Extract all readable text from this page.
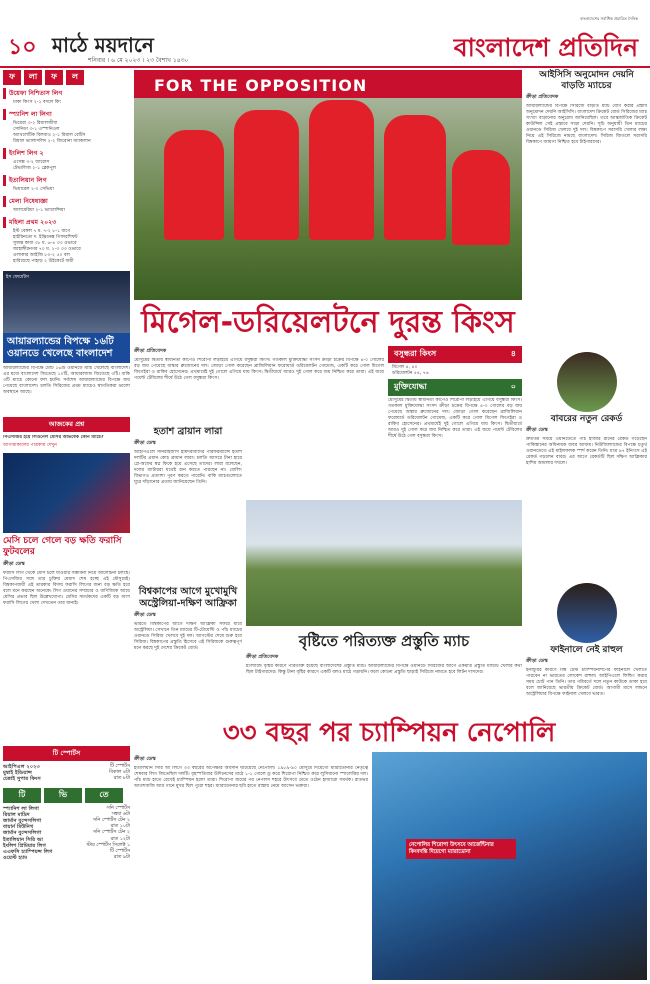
১০ মাঠে ময়দানে
শনিবার । ৬ মে ২০২৩ । ২৩ বৈশাখ ১৪৩০
বাংলাদেশের সর্বাধিক প্রচারিত দৈনিক
বাংলাদেশ প্রতিদিন
ফ	লা	ফ	ল
উয়েফা নিশিতাস লিগ
ঢাকা কিংস ২-১ বদলে কিং
স্প্যানিশ লা লিগা
ভিয়েরা ৩-২ রিয়ালজীবা
সোনিডা ৩-১ এস্পানিওল
অ্যাথলেটিক বিলবাও ২-১ রিয়াল বেটিস
রিয়াল ভ্যালাদলিদ ২-২ জিরোনা অ্যাকলান
ইংলিশ লিগ ২
এসেক্স ৩-২ ব্যারোস
টেভালিজ ২-১ ব্লেকপুল
ইতালিয়ান লিগ
ভিয়ারেল ২-০ সেভিয়া
মেলা নিষেধাজ্ঞা
আলমেরিয়া ২-১ ভ্যালেন্সিয়া
মহিলা প্রথম ২০২৩
ইস্ট বেঙ্গল ৭ ম. ৭-২ ৮-১ বাগে
হাইরিনডো দ. ইঞ্জিনেক্স গিফারশিফট
সুজন্ত কাবা ৩৮ ম. ৬-৪ ৩৩ ওভারে
জাহাঙ্গীরনগর ৭০ ম. ২-৩ ৩৩ ওভারে
এলাকার আইজি ৮০-২ ৫০ বল
হারিয়েছে পাহাড় ২ উইকেটে জয়ী
ইস ফোর্মেটস
আয়ারল্যান্ডের বিপক্ষে ১৬টি ওয়ানডে খেলেছে বাংলাদেশ
আয়ারল্যান্ডের বিপক্ষে মোট ১৬টি ওয়ানডে ম্যাচ খেলেছে বাংলাদেশ। এর মধ্যে বাংলাদেশ জিতেছে ১০টি, আয়ারল্যান্ড জিতেছে ৩টি। বাকি ৩টি ম্যাচে কোনো ফল হয়নি। সর্বশেষ আয়ারল্যান্ডের বিপক্ষে জয় পেয়েছে বাংলাদেশ। চলতি সিরিজের প্রথম ম্যাচেও স্বাগতিকরা ভালো অবস্থানে আছে।
আজকের প্রশ্ন
পিএসজির হয়ে লিওনেল মেসির অভিষেক কোন ম্যাচে?
আগামীকালের পত্রিকায় দেখুন
মেসি চলে গেলে বড় ক্ষতি ফরাসি ফুটবলের
ক্রীড়া ডেস্ক
ফরাসি লিগ থেকে মেসি চলে যাওয়ার সম্ভাবনা নিয়ে আলোচনা চলছে। পিএসজির সঙ্গে তার চুক্তির মেয়াদ শেষ হচ্ছে এই মৌসুমেই। বিশ্বকাপজয়ী এই তারকার বিদায় ফরাসি লিগের জন্য বড় ক্ষতি হবে বলে মনে করছেন অনেকে। লিগ ওয়ানের সম্প্রচার ও বাণিজ্যিক আয়ে মেসির প্রভাব ছিল উল্লেখযোগ্য। মেসির সমর্থকদের একটি বড় অংশ ফরাসি লিগের খেলা দেখতেন তার জন্যই।
টি স্পোর্টস
আইপিএল ২০২৩	টি স্পোর্টস
মুম্বাই ইন্ডিয়ান্স	বিকাল ৪টা
চেন্নাই সুপার কিংস	রাত ৮টা
টি	ভি	তে
স্প্যানিশ লা লিগা	সনি স্পোর্টস
রিয়াল মাদ্রিদ	সন্ধ্যা ৬টা
জার্মান বুন্দেসলিগা	সনি স্পোর্টস টেন ২
বায়ার্ন মিউনিখ	রাত ১০টা
জার্মান বুন্দেসলিগা	সনি স্পোর্টস টেন ২
ইতালিয়ান সিরি আ	রাত ১২টা
ইংলিশ প্রিমিয়ার লিগ	স্টার স্পোর্টস সিলেক্ট ১
এএফসি চ্যাম্পিয়ন্স লিগ	টি স্পোর্টস
ওয়েস্ট হ্যাম	রাত ৯টা
FOR THE OPPOSITION
মিগেল-ডরিয়েলটনে দুরন্ত কিংস
ক্রীড়া প্রতিবেদক
মৌসুমের দ্বিতীয় স্বাধীনতা কাপেও শিরোপা লড়াইয়ে এগিয়ে বসুন্ধরা কিংস। গতকাল মুক্তিযোদ্ধা সংসদ ক্রীড়া চক্রের বিপক্ষে ৪-০ গোলের বড় জয় পেয়েছে অস্কার ব্রুজোনের দল। জোড়া গোল করেছেন ব্রাজিলিয়ান ফরোয়ার্ড ডরিয়েলটন গোমেজ, একটি করে গোল মিগেল ফিগেইরা ও রাকিব হোসেনের। প্রথমার্ধেই দুই গোলে এগিয়ে যায় কিংস। দ্বিতীয়ার্ধে আরও দুই গোল করে জয় নিশ্চিত করে তারা। এই জয়ে পয়েন্ট টেবিলের শীর্ষে উঠে গেল বসুন্ধরা কিংস।
বসুন্ধরা কিংস	৪
মিগেল ৪, ৪০
ডরিয়েলটন ৫৪, ৭৬
মুক্তিযোদ্ধা	০
মৌসুমের দ্বিতীয় স্বাধীনতা কাপেও শিরোপা লড়াইয়ে এগিয়ে বসুন্ধরা কিংস। গতকাল মুক্তিযোদ্ধা সংসদ ক্রীড়া চক্রের বিপক্ষে ৪-০ গোলের বড় জয় পেয়েছে অস্কার ব্রুজোনের দল। জোড়া গোল করেছেন ব্রাজিলিয়ান ফরোয়ার্ড ডরিয়েলটন গোমেজ, একটি করে গোল মিগেল ফিগেইরা ও রাকিব হোসেনের। প্রথমার্ধেই দুই গোলে এগিয়ে যায় কিংস। দ্বিতীয়ার্ধে আরও দুই গোল করে জয় নিশ্চিত করে তারা। এই জয়ে পয়েন্ট টেবিলের শীর্ষে উঠে গেল বসুন্ধরা কিংস।
হতাশ ব্রায়ান লারা
ক্রীড়া ডেস্ক
আইপিএলে সানরাইজার্স হায়দরাবাদের পারফরম্যান্সে হতাশ দলটির প্রধান কোচ ব্রায়ান লারা। চলতি আসরে টানা হারে প্লে-অফের স্বপ্ন ফিকে হয়ে এসেছে তাদের। লারা বলেছেন, দলের ব্যাটাররা যথেষ্ট রান করতে পারছেন না। বোলিং বিভাগও প্রত্যাশা পূরণ করতে পারেনি। বাকি ম্যাচগুলোতে ঘুরে দাঁড়ানোর প্রত্যয় জানিয়েছেন তিনি।
বিশ্বকাপের আগে মুখোমুখি অস্ট্রেলিয়া-দক্ষিণ আফ্রিকা
ক্রীড়া ডেস্ক
ভারতে বিশ্বকাপের আগে দক্ষিণ আফ্রিকা সফরে যাবে অস্ট্রেলিয়া। সেখানে তিন ম্যাচের টি-টোয়েন্টি ও পাঁচ ম্যাচের ওয়ানডে সিরিজ খেলবে দুই দল। আগস্টের শেষে শুরু হবে সিরিজ। বিশ্বকাপের প্রস্তুতি হিসেবে এই সিরিজকে গুরুত্বপূর্ণ মনে করছে দুই দেশের ক্রিকেট বোর্ড।	বৃষ্টিতে পরিত্যক্ত প্রস্তুতি ম্যাচ
ক্রীড়া প্রতিবেদক
ইংল্যান্ডে বৃষ্টির কারণে পরিত্যক্ত হয়েছে বাংলাদেশের প্রস্তুতি ম্যাচ। আয়ারল্যান্ডের বিপক্ষে ওয়ানডে সিরিজের আগে একমাত্র প্রস্তুতি ম্যাচটি খেলার কথা ছিল টাইগারদের। কিন্তু টানা বৃষ্টির কারণে একটি বলও মাঠে গড়ায়নি। ফলে কোনো প্রস্তুতি ছাড়াই সিরিজে নামতে হবে লিটন দাসদের।
৩৩ বছর পর চ্যাম্পিয়ন নেপোলি
ক্রীড়া ডেস্ক
ইতালিয়ান সিরি আ লিগে ৩৩ বছরের অপেক্ষার অবসান ঘটিয়েছে নেপোলি। ১৯৮৯-৯০ মৌসুমে দিয়েগো ম্যারাডোনার নেতৃত্বে শেষবার লিগ জিতেছিল দলটি। বৃহস্পতিবার উদিনেসের মাঠে ১-১ গোলে ড্র করে শিরোপা নিশ্চিত করে লুসিয়ানো স্পালেত্তির দল। পাঁচ ম্যাচ হাতে রেখেই চ্যাম্পিয়ন হলো তারা। শিরোপা জয়ের পর নেপলস শহরে উৎসবে মেতে ওঠেন হাজারো সমর্থক। রাতভর আতশবাজি আর গানে মুখর ছিল পুরো শহর। ম্যারাডোনার ছবি হাতে রাস্তায় নেমে আসেন ভক্তরা।
নেপোলির শিরোপা উৎসবে আর্জেন্টিনার কিংবদন্তি দিয়েগো ম্যারাডোনা
আইসিসি অনুমোদন দেয়নি বাড়তি ম্যাচের
ক্রীড়া প্রতিবেদক
আয়ারল্যান্ডের বিপক্ষে সিরিজে বাড়তি ম্যাচ যোগ করার প্রস্তাব অনুমোদন দেয়নি আইসিসি। বাংলাদেশ ক্রিকেট বোর্ড সিরিজের ম্যাচ সংখ্যা বাড়ানোর অনুরোধ জানিয়েছিল। তবে আন্তর্জাতিক ক্রিকেট কাউন্সিল সেই প্রস্তাবে সাড়া দেয়নি। সূচি অনুযায়ী তিন ম্যাচের ওয়ানডে সিরিজ খেলবে দুই দল। বিশ্বকাপে সরাসরি খেলার লক্ষ্য নিয়ে এই সিরিজে নামছে বাংলাদেশ। সিরিজ জিতলে সরাসরি বিশ্বকাপে জায়গা নিশ্চিত হবে টাইগারদের।
বাবরের নতুন রেকর্ড
ক্রীড়া ডেস্ক
দ্রুততম সময়ে ওয়ানডেতে পাঁচ হাজার রানের রেকর্ড গড়েছেন পাকিস্তানের অধিনায়ক বাবর আজম। নিউজিল্যান্ডের বিপক্ষে চতুর্থ ওয়ানডেতে এই মাইলফলক স্পর্শ করেন তিনি। মাত্র ৯৭ ইনিংসে এই রেকর্ড গড়লেন বাবর। এর আগে রেকর্ডটি ছিল দক্ষিণ আফ্রিকার হাশিম আমলার দখলে।
ফাইনালে নেই রাহুল
ক্রীড়া ডেস্ক
ইনজুরির কারণে বিশ্ব টেস্ট চ্যাম্পিয়নশিপের ফাইনালে খেলতে পারবেন না ভারতের লোকেশ রাহুল। আইপিএলে ফিল্ডিং করার সময় চোট পান তিনি। তার পরিবর্তে দলে নতুন কাউকে ডাকা হবে বলে জানিয়েছে ভারতীয় ক্রিকেট বোর্ড। আগামী মাসে লন্ডনে অস্ট্রেলিয়ার বিপক্ষে ফাইনাল খেলবে ভারত।
